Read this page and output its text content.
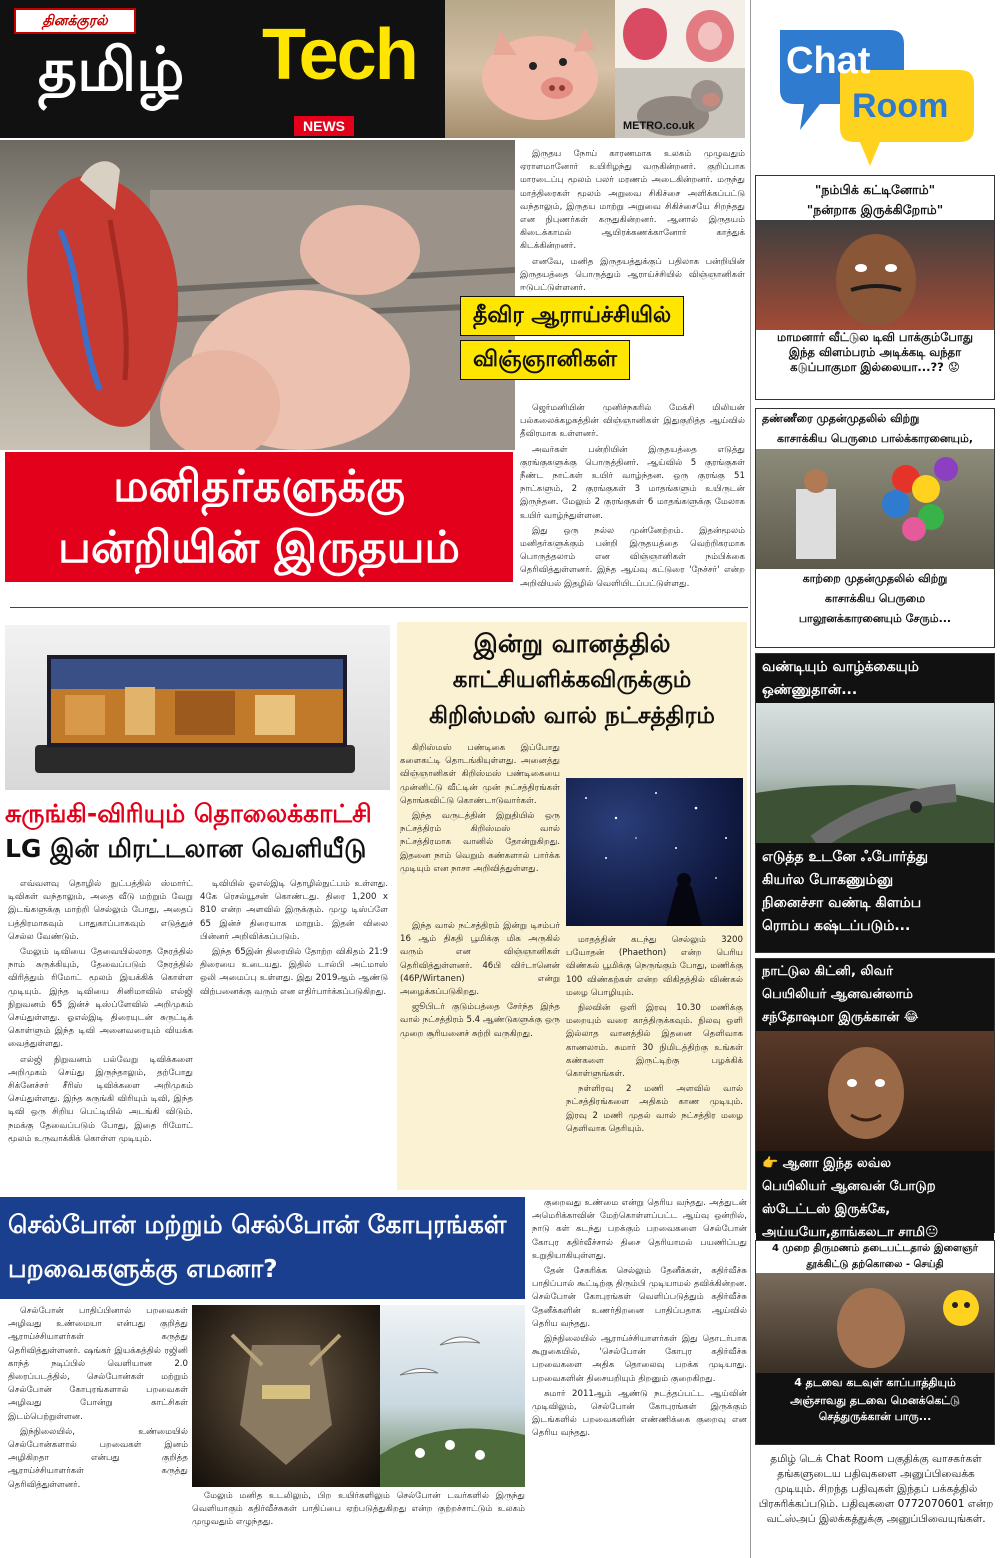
தினக்குரல்
தமிழ் Tech
NEWS	METRO.co.uk
தீவிர ஆராய்ச்சியில் விஞ்ஞானிகள்
மனிதர்களுக்கு
பன்றியின் இருதயம்

இருதய நோய் காரணமாக உலகம் முழுவதும் ஏராளமானோர் உயிரிழந்து வருகின்றனர். குறிப்பாக மாரடைப்பு மூலம் பலர் மரணம் அடைகின்றனர். மருந்து மாத்திரைகள் மூலம் அறுவை சிகிச்சை அளிக்கப்பட்டு வந்தாலும், இருதய மாற்று அறுவை சிகிச்சையே சிறந்தது என நிபுணர்கள் கருதுகின்றனர். ஆனால் இருதயம் கிடைக்காமல் ஆயிரக்கணக்கானோர் காத்துக் கிடக்கின்றனர்.

எனவே, மனித இருதயத்துக்குப் பதிலாக பன்றியின் இருதயத்தை பொருத்தும் ஆராய்ச்சியில் விஞ்ஞானிகள் ஈடுபட்டுள்ளனர்.

ஜெர்மனியின் முனிச்நகரில் மேக்சி மிலியன் பல்கலைக்கழகத்தின் விஞ்ஞானிகள் இதுகுறித்த ஆய்வில் தீவிரமாக உள்ளனர்.

அவர்கள் பன்றியின் இருதயத்தை எடுத்து குரங்குகளுக்கு பொருத்தினர். ஆய்வில் 5 குரங்குகள் நீண்ட நாட்கள் உயிர் வாழ்ந்தன. ஒரு குரங்கு 51 நாட்களும், 2 குரங்குகள் 3 மாதங்களும் உயிருடன் இருந்தன. மேலும் 2 குரங்குகள் 6 மாதங்களுக்கு மேலாக உயிர் வாழ்ந்துள்ளன.

இது ஒரு நல்ல முன்னேற்றம். இதன்மூலம் மனிதர்களுக்கும் பன்றி இருதயத்தை வெற்றிகரமாக பொருத்தலாம் என விஞ்ஞானிகள் நம்பிக்கை தெரிவித்துள்ளனர். இந்த ஆய்வு கட்டுரை 'நேச்சர்' என்ற அறிவியல் இதழில் வெளியிடப்பட்டுள்ளது.

சுருங்கி-விரியும் தொலைக்காட்சி
LG இன் மிரட்டலான வெளியீடு

எவ்வளவு தொழில் நுட்பத்தில் ஸ்மார்ட் டிவிகள் வந்தாலும், அதை வீடு மற்றும் வேறு இடங்களுக்கு மாற்றி செல்லும் போது, அதைப் பத்திரமாகவும் பாதுகாப்பாகவும் எடுத்துச் செல்ல வேண்டும்.

மேலும் டிவியை தேவையில்லாத நேரத்தில் நாம் சுருக்கியும், தேவைப்படும் நேரத்தில் விரித்தும் ரிமோட் மூலம் இயக்கிக் கொள்ள முடியும். இந்த டிவியை சினிமாவில் எல்ஜி நிறுவனம் 65 இன்ச் டிஸ்ப்ளேவில் அறிமுகம் செய்துள்ளது. ஓஎல்இடி திரையுடன் சுருட்டிக் கொள்ளும் இந்த டிவி அனைவரையும் வியக்க வைத்துள்ளது.

எல்ஜி நிறுவனம் பல்வேறு டிவிக்களை அறிமுகம் செய்து இருந்தாலும், தற்போது சிக்னேச்சர் சீரிஸ் டிவிக்களை அறிமுகம் செய்துள்ளது. இந்த சுருங்கி விரியும் டிவி, இந்த டிவி ஒரு சிறிய பெட்டியில் அடங்கி விடும். நமக்கு தேவைப்படும் போது, இதை ரிமோட் மூலம் உருவாக்கிக் கொள்ள முடியும்.

டிவியில் ஓஎல்இடி தொழில்நுட்பம் உள்ளது. 4கே ரெசல்யூசன் கொண்டது. திரை 1,200 x 810 என்ற அளவில் இருக்கும். முழு டிஸ்ப்ளே 65 இன்ச் திரையாக மாறும். இதன் விலை பின்னர் அறிவிக்கப்படும்.

இந்த 65இன் திரையில் தோற்ற விகிதம் 21:9 திரையை உடையது. இதில் டால்பி அட்மாஸ் ஒலி அமைப்பு உள்ளது. இது 2019ஆம் ஆண்டு விற்பனைக்கு வரும் என எதிர்பார்க்கப்படுகிறது.

இன்று வானத்தில்
காட்சியளிக்கவிருக்கும்
கிறிஸ்மஸ் வால் நட்சத்திரம்

கிறிஸ்மஸ் பண்டிகை இப்போது களைகட்டி தொடங்கியுள்ளது. அனைத்து விஞ்ஞானிகள் கிறிஸ்மஸ் பண்டிகையை முன்னிட்டு வீட்டின் முன் நட்சத்திரங்கள் தொங்கவிட்டு கொண்டாடுவார்கள்.

இந்த வருடத்தின் இறுதியில் ஒரு நட்சத்திரம் கிறிஸ்மஸ் வால் நட்சத்திரமாக வானில் தோன்றுகிறது. இதனை நாம் வெறும் கண்களால் பார்க்க முடியும் என நாசா அறிவித்துள்ளது.

இந்த வால் நட்சத்திரம் இன்று டிசம்பர் 16 ஆம் திகதி பூமிக்கு மிக அருகில் வரும் என விஞ்ஞானிகள் தெரிவித்துள்ளனர். 46பி விர்டானென் (46P/Wirtanen) என்று அழைக்கப்படுகிறது.

ஜூபிடர் குடும்பத்தை சேர்ந்த இந்த வால் நட்சத்திரம் 5.4 ஆண்டுகளுக்கு ஒரு முறை சூரியனைச் சுற்றி வருகிறது.

மாதத்தின் கடந்து செல்லும் 3200 பயோதன் (Phaethon) என்ற பெரிய விண்கல் பூமிக்கு நெருங்கும் போது, மணிக்கு 100 விண்கற்கள் என்ற விகிதத்தில் விண்கல் மழை பொழியும்.

நிலவின் ஒளி இரவு 10.30 மணிக்கு மறையும் வரை காத்திருக்கவும். நிலவு ஒளி இல்லாத வானத்தில் இதனை தெளிவாக காணலாம். சுமார் 30 நிமிடத்திற்கு உங்கள் கண்களை இருட்டிற்கு பழக்கிக் கொள்ளுங்கள்.

நள்ளிரவு 2 மணி அளவில் வால் நட்சத்திரங்களை அதிகம் காண முடியும். இரவு 2 மணி முதல் வால் நட்சத்திர மழை தெளிவாக தெரியும்.

செல்போன் மற்றும் செல்போன் கோபுரங்கள்
பறவைகளுக்கு எமனா?

செல்போன் பாதிப்பினால் பறவைகள் அழிவது உண்மையா என்பது குறித்து ஆராய்ச்சியாளர்கள் கருத்து தெரிவித்துள்ளனர். ஷங்கர் இயக்கத்தில் ரஜினி காந்த் நடிப்பில் வெளியான 2.0 திரைப்படத்தில், செல்போன்கள் மற்றும் செல்போன் கோபுரங்களால் பறவைகள் அழிவது போன்று காட்சிகள் இடம்பெற்றுள்ளன.

இந்நிலையில், உண்மையில் செல்போன்களால் பறவைகள் இனம் அழிகிறதா என்பது குறித்த ஆராய்ச்சியாளர்கள் கருத்து தெரிவித்துள்ளனர்.

மேலும் மனித உடலிலும், பிற உயிர்களிலும் செல்போன் டவர்களில் இருந்து வெளியாகும் கதிர்வீச்சுகள் பாதிப்பை ஏற்படுத்துகிறது என்ற குற்றச்சாட்டும் உலகம் முழுவதும் எழுந்தது.

குறைவது உண்மை என்று தெரிய வந்தது. அத்துடன் அமெரிக்காவின் மேற்கொள்ளப்பட்ட ஆய்வு ஒன்றில், நாடு கள் கடந்து பறக்கும் பறவைகளை செல்போன் கோபுர கதிர்வீச்சால் திசை தெரியாமல் பயணிப்பது உறுதியாகியுள்ளது.

தேன் சேகரிக்க செல்லும் தேனீக்கள், கதிர்வீச்சு பாதிப்பால் கூட்டிற்கு திரும்பி முடியாமல் தவிக்கின்றன. செல்போன் கோபுரங்கள் வெளிப்படுத்தும் கதிர்வீச்சு தேனீக்களின் உணர்திறனை பாதிப்பதாக ஆய்வில் தெரிய வந்தது.

இந்நிலையில் ஆராய்ச்சியாளர்கள் இது தொடர்பாக கூறுகையில், 'செல்போன் கோபுர கதிர்வீச்சு பறவைகளை அதிக தொலைவு பறக்க முடியாது. பறவைகளின் திசையறியும் திறனும் குறைகிறது.

சுமார் 2011ஆம் ஆண்டு நடத்தப்பட்ட ஆய்வின் முடிவிலும், செல்போன் கோபுரங்கள் இருக்கும் இடங்களில் பறவைகளின் எண்ணிக்கை குறைவு என தெரிய வந்தது.

Chat
Room
"நம்பிக் கட்டினோம்"
"நன்றாக இருக்கிறோம்"
மாமனார் வீட்டுல டிவி பாக்கும்போது
இந்த விளம்பரம் அடிக்கடி வந்தா
கடுப்பாகுமா இல்லையா...?? 😟
தண்ணீரை முதன்முதலில் விற்று
காசாக்கிய பெருமை பால்க்காரனையும்,
காற்றை முதன்முதலில் விற்று
காசாக்கிய பெருமை
பாலூனக்காரனையும் சேரும்...
வண்டியும் வாழ்க்கையும்
ஒண்ணுதான்...
எடுத்த உடனே ஃபோர்த்து
கியர்ல போகணும்னு
நினைச்சா வண்டி கிளம்ப
ரொம்ப கஷ்டப்படும்...
நாட்டுல கிட்னி, லிவர்
பெயிலியர் ஆனவன்லாம்
சந்தோஷமா இருக்கான் 😂
👉 ஆனா இந்த லவ்ல
பெயிலியர் ஆனவன் போடுற
ஸ்டேட்டஸ் இருக்கே,
அய்யயோ,தாங்கலடா சாமி😐
4 முறை திருமணம் தடைபட்டதால் இளைஞர்
தூக்கிட்டு தற்கொலை - செய்தி
4 தடவை கடவுள் காப்பாத்தியும்
அஞ்சாவது தடவை மெனக்கெட்டு
செத்துருக்கான் பாரு...
தமிழ் டெக் Chat Room பகுதிக்கு வாசகர்கள் தங்களுடைய பதிவுகளை அனுப்பிவைக்க முடியும். சிறந்த பதிவுகள் இந்தப் பக்கத்தில் பிரசுரிக்கப்படும். பதிவுகளை 0772070601 என்ற வட்ஸ்அப் இலக்கத்துக்கு அனுப்பிவையுங்கள்.
